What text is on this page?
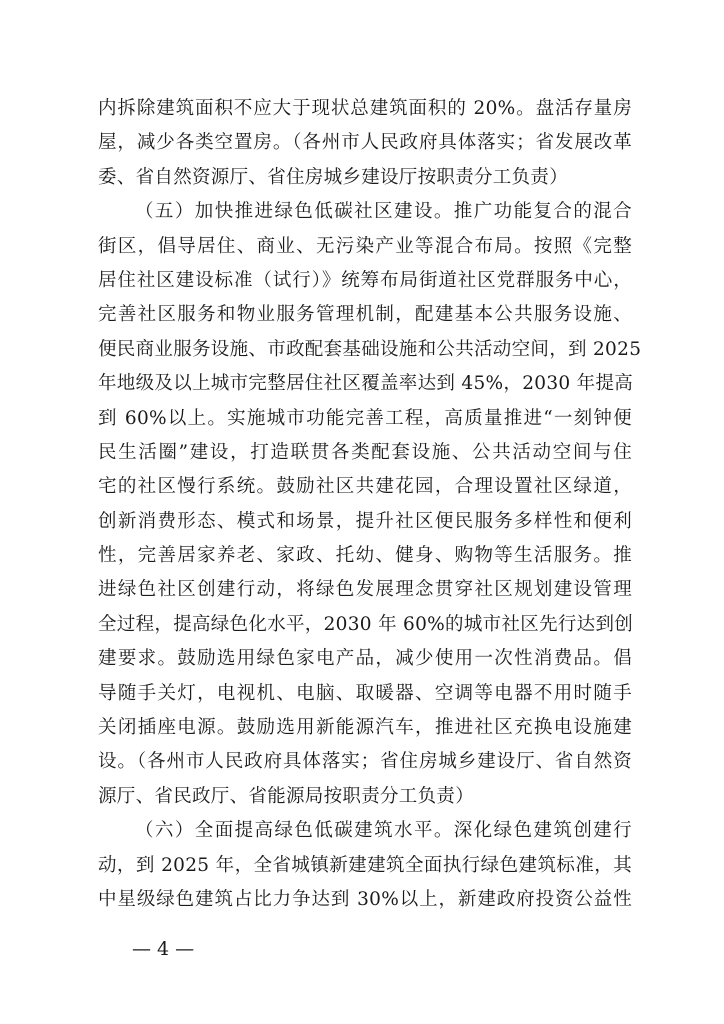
内拆除建筑面积不应大于现状总建筑面积的 20%。盘活存量房
屋，减少各类空置房。（各州市人民政府具体落实；省发展改革
委、省自然资源厅、省住房城乡建设厅按职责分工负责）
（五）加快推进绿色低碳社区建设。推广功能复合的混合
街区，倡导居住、商业、无污染产业等混合布局。按照《完整
居住社区建设标准（试行）》统筹布局街道社区党群服务中心，
完善社区服务和物业服务管理机制，配建基本公共服务设施、
便民商业服务设施、市政配套基础设施和公共活动空间，到 2025
年地级及以上城市完整居住社区覆盖率达到 45%，2030 年提高
到 60%以上。实施城市功能完善工程，高质量推进“一刻钟便
民生活圈”建设，打造联贯各类配套设施、公共活动空间与住
宅的社区慢行系统。鼓励社区共建花园，合理设置社区绿道，
创新消费形态、模式和场景，提升社区便民服务多样性和便利
性，完善居家养老、家政、托幼、健身、购物等生活服务。推
进绿色社区创建行动，将绿色发展理念贯穿社区规划建设管理
全过程，提高绿色化水平，2030 年 60%的城市社区先行达到创
建要求。鼓励选用绿色家电产品，减少使用一次性消费品。倡
导随手关灯，电视机、电脑、取暖器、空调等电器不用时随手
关闭插座电源。鼓励选用新能源汽车，推进社区充换电设施建
设。（各州市人民政府具体落实；省住房城乡建设厅、省自然资
源厅、省民政厅、省能源局按职责分工负责）
（六）全面提高绿色低碳建筑水平。深化绿色建筑创建行
动，到 2025 年，全省城镇新建建筑全面执行绿色建筑标准，其
中星级绿色建筑占比力争达到 30%以上，新建政府投资公益性
— 4 —
